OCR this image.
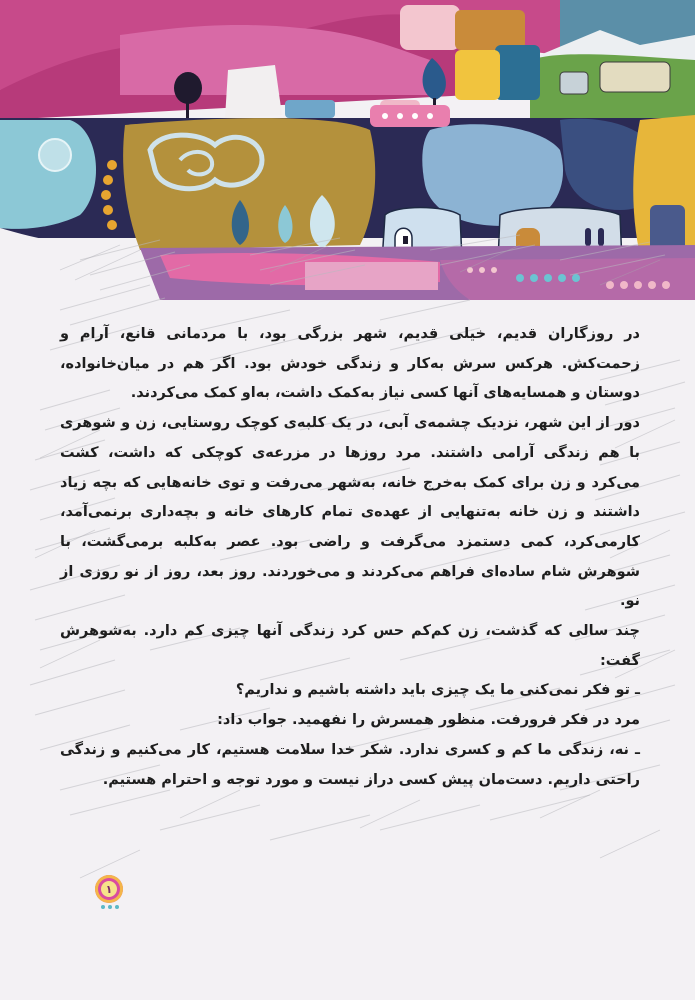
در روزگاران قدیم، خیلی قدیم، شهر بزرگی بود، با مردمانی قانع، آرام و زحمت‌کش. هرکس سرش به‌کار و زندگی خودش بود. اگر هم در میان‌خانواده، دوستان و همسایه‌های آنها کسی نیاز به‌کمک داشت، به‌او کمک می‌کردند.

دور از این شهر، نزدیک چشمه‌ی آبی، در یک کلبه‌ی کوچک روستایی، زن و شوهری با هم زندگی آرامی داشتند. مرد روزها در مزرعه‌ی کوچکی که داشت، کشت می‌کرد و زن برای کمک به‌خرج خانه، به‌شهر می‌رفت و توی خانه‌هایی که بچه زیاد داشتند و زن خانه به‌تنهایی از عهده‌ی تمام کارهای خانه و بچه‌داری برنمی‌آمد، کارمی‌کرد، کمی دستمزد می‌گرفت و راضی بود. عصر به‌کلبه برمی‌گشت، با شوهرش شام ساده‌ای فراهم می‌کردند و می‌خوردند. روز بعد، روز از نو روزی از نو.

چند سالی که گذشت، زن کم‌کم حس کرد زندگی آنها چیزی کم دارد. به‌شوهرش گفت:

ـ تو فکر نمی‌کنی ما یک چیزی باید داشته باشیم و نداریم؟

مرد در فکر فرورفت. منظور همسرش را نفهمید. جواب داد:

ـ نه، زندگی ما کم و کسری ندارد. شکر خدا سلامت هستیم، کار می‌کنیم و زندگی راحتی داریم. دست‌مان پیش کسی دراز نیست و مورد توجه و احترام هستیم.

۱
